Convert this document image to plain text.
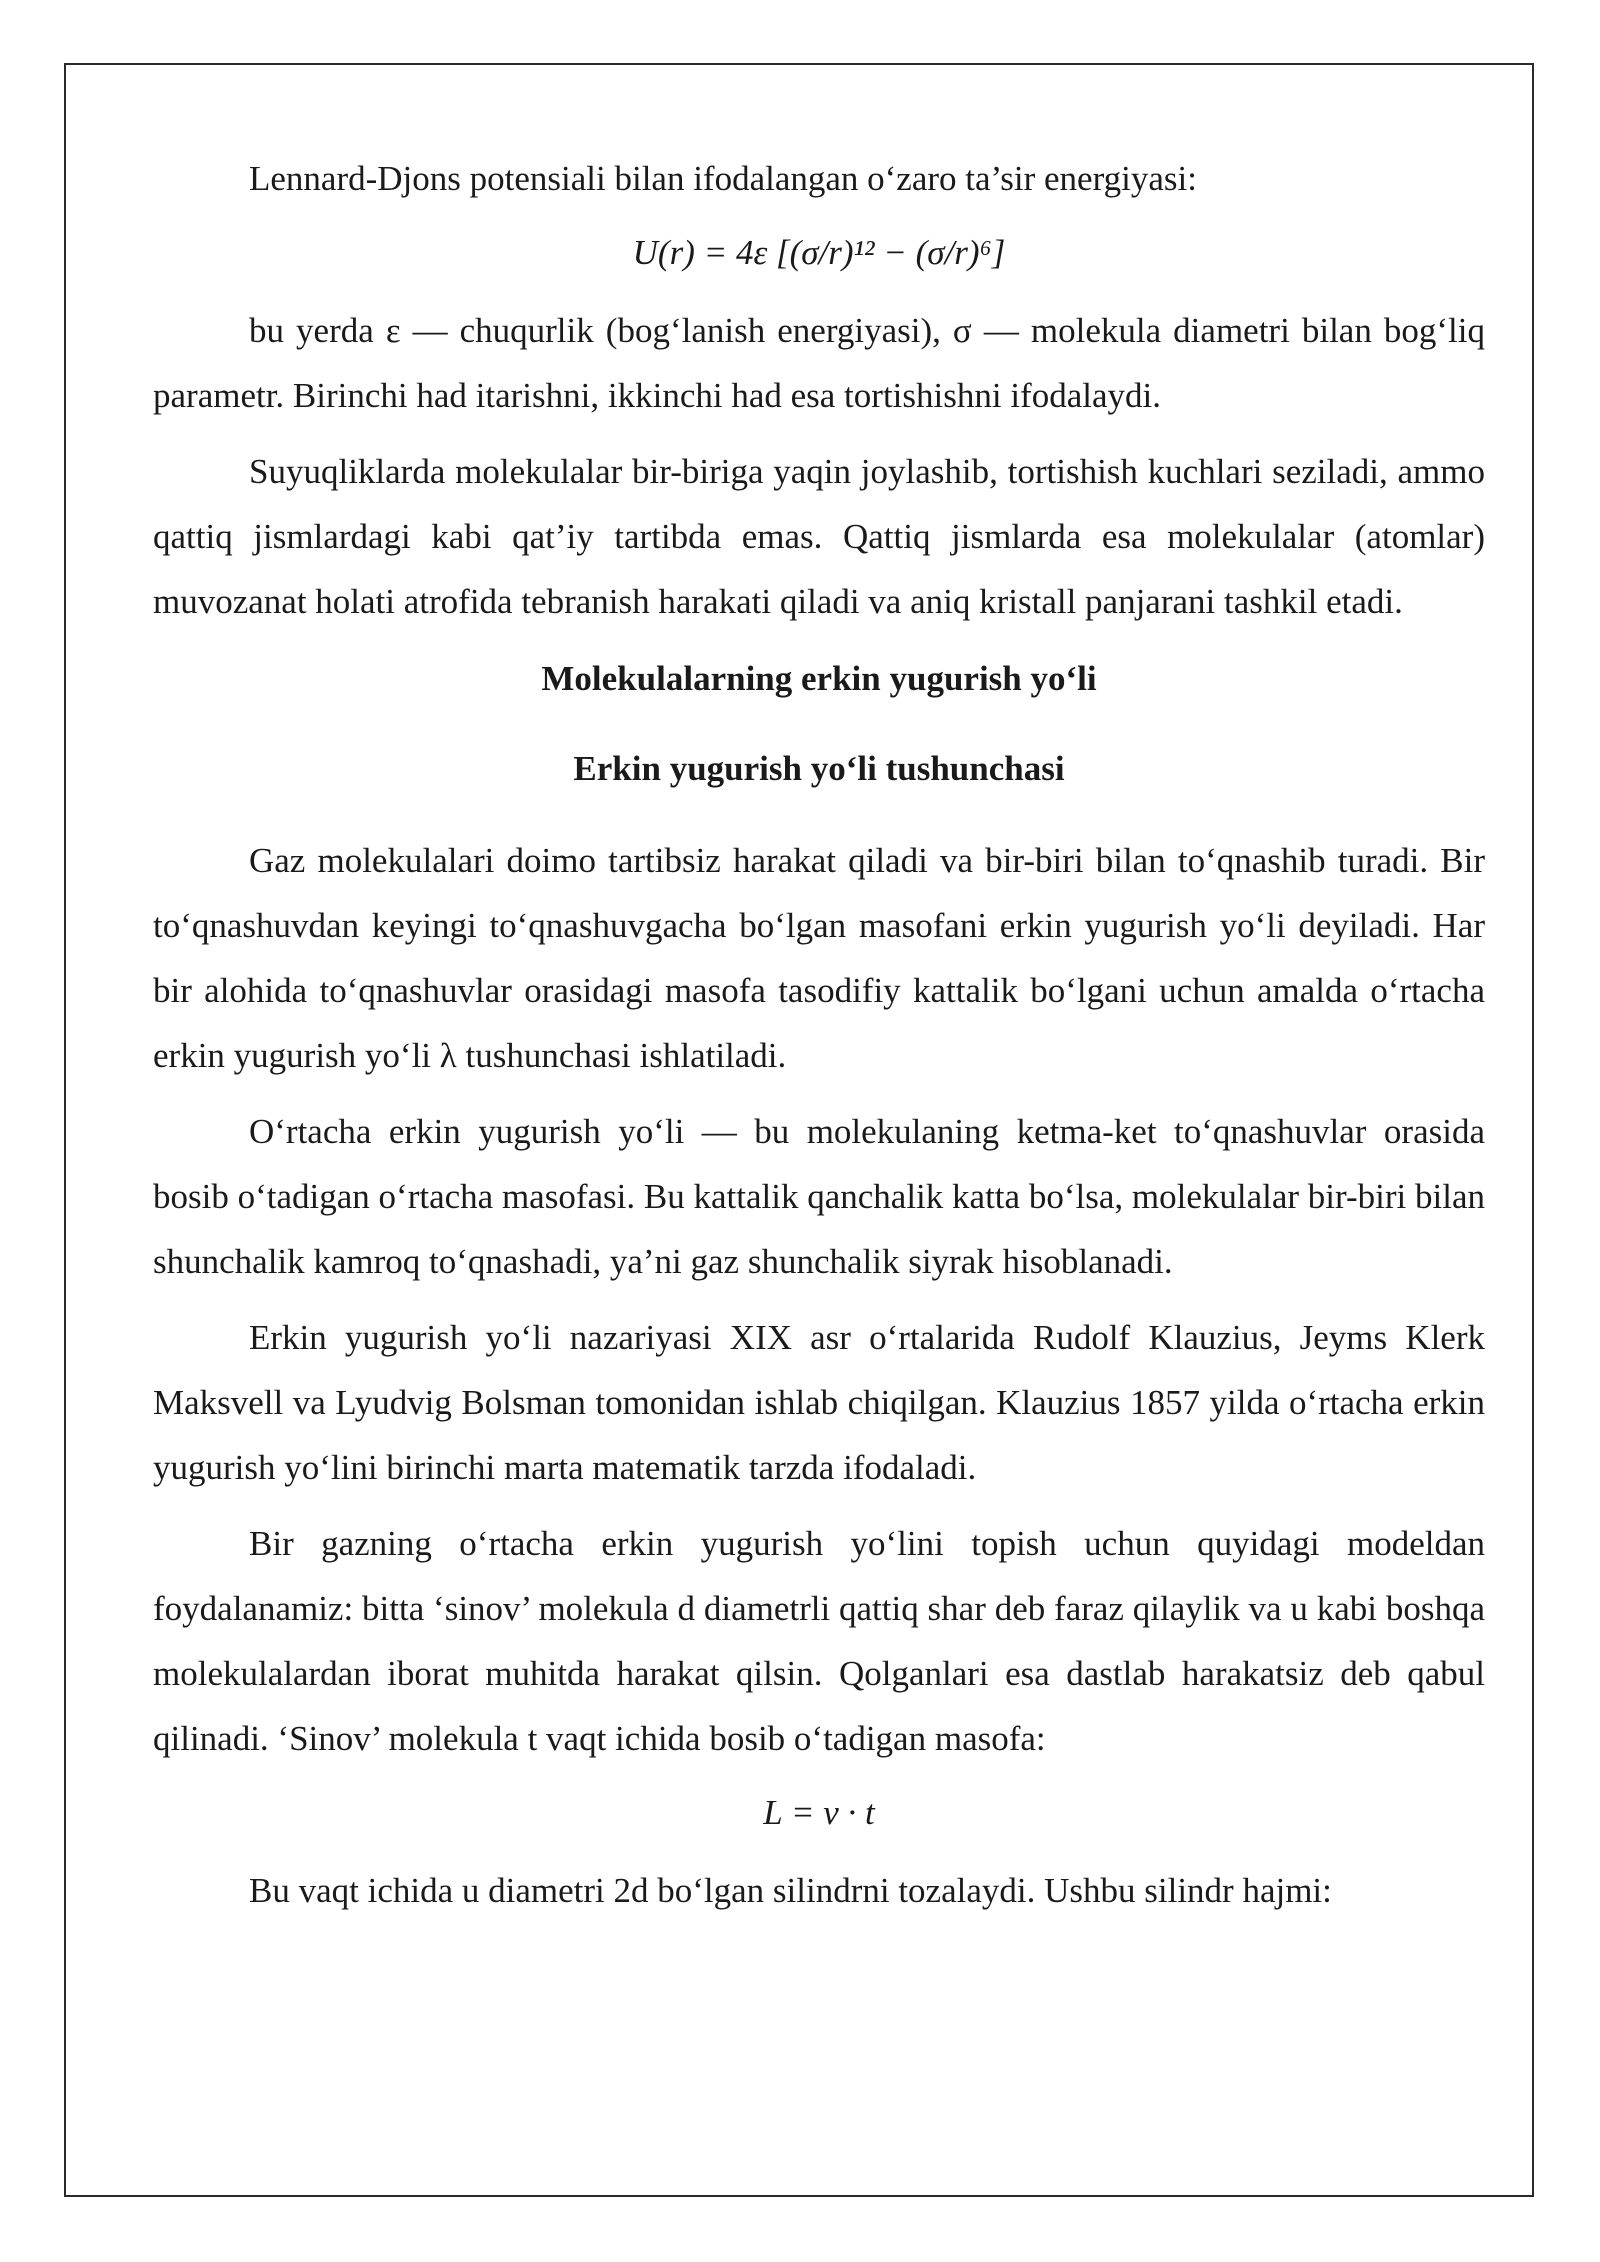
Lennard-Djons potensiali bilan ifodalangan o‘zaro ta’sir energiyasi:

U(r) = 4ε [(σ/r)¹² − (σ/r)⁶]

bu yerda ε — chuqurlik (bog‘lanish energiyasi), σ — molekula diametri bilan bog‘liq parametr. Birinchi had itarishni, ikkinchi had esa tortishishni ifodalaydi.

Suyuqliklarda molekulalar bir-biriga yaqin joylashib, tortishish kuchlari seziladi, ammo qattiq jismlardagi kabi qat’iy tartibda emas. Qattiq jismlarda esa molekulalar (atomlar) muvozanat holati atrofida tebranish harakati qiladi va aniq kristall panjarani tashkil etadi.

Molekulalarning erkin yugurish yo‘li
Erkin yugurish yo‘li tushunchasi

Gaz molekulalari doimo tartibsiz harakat qiladi va bir-biri bilan to‘qnashib turadi. Bir to‘qnashuvdan keyingi to‘qnashuvgacha bo‘lgan masofani erkin yugurish yo‘li deyiladi. Har bir alohida to‘qnashuvlar orasidagi masofa tasodifiy kattalik bo‘lgani uchun amalda o‘rtacha erkin yugurish yo‘li λ tushunchasi ishlatiladi.

O‘rtacha erkin yugurish yo‘li — bu molekulaning ketma-ket to‘qnashuvlar orasida bosib o‘tadigan o‘rtacha masofasi. Bu kattalik qanchalik katta bo‘lsa, molekulalar bir-biri bilan shunchalik kamroq to‘qnashadi, ya’ni gaz shunchalik siyrak hisoblanadi.

Erkin yugurish yo‘li nazariyasi XIX asr o‘rtalarida Rudolf Klauzius, Jeyms Klerk Maksvell va Lyudvig Bolsman tomonidan ishlab chiqilgan. Klauzius 1857 yilda o‘rtacha erkin yugurish yo‘lini birinchi marta matematik tarzda ifodaladi.

Bir gazning o‘rtacha erkin yugurish yo‘lini topish uchun quyidagi modeldan foydalanamiz: bitta ‘sinov’ molekula d diametrli qattiq shar deb faraz qilaylik va u kabi boshqa molekulalardan iborat muhitda harakat qilsin. Qolganlari esa dastlab harakatsiz deb qabul qilinadi. ‘Sinov’ molekula t vaqt ichida bosib o‘tadigan masofa:

L = v · t

Bu vaqt ichida u diametri 2d bo‘lgan silindrni tozalaydi. Ushbu silindr hajmi:
